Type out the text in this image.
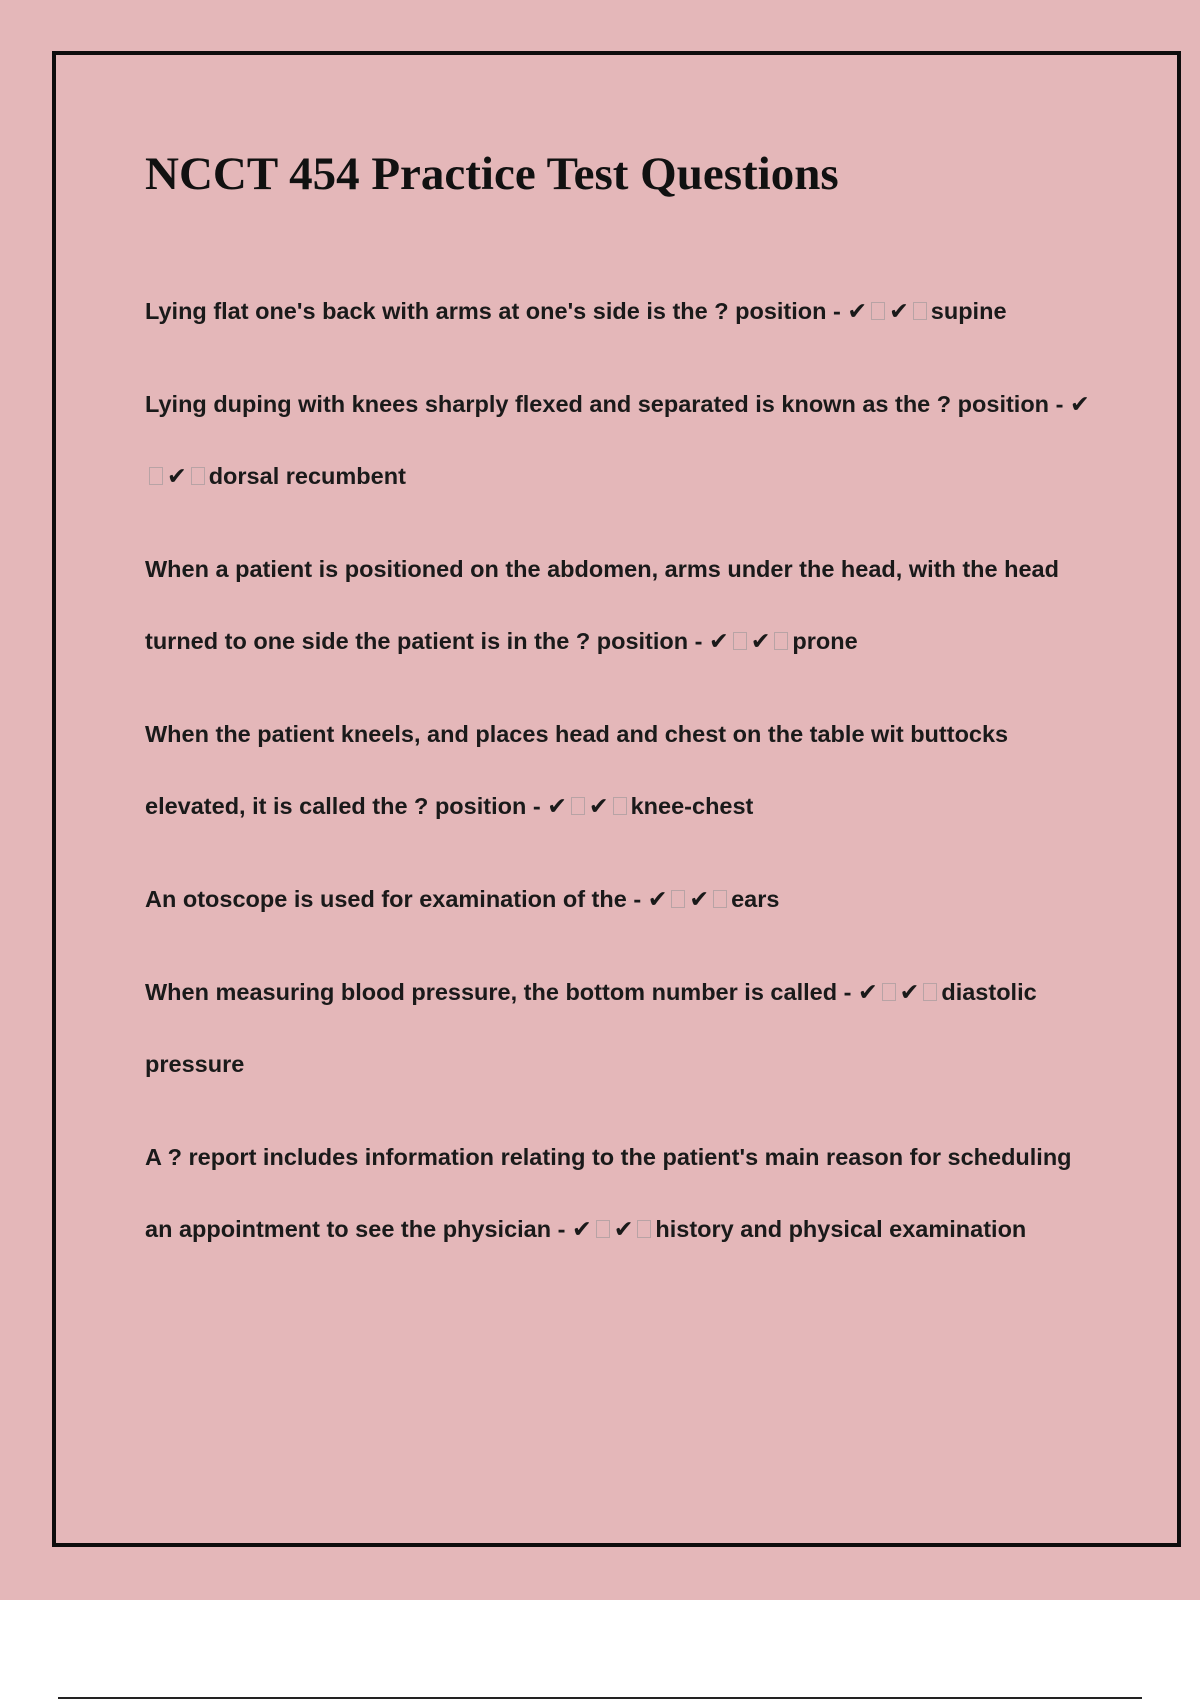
NCCT 454 Practice Test Questions

Lying flat one's back with arms at one's side is the ? position - ✔ ✔ supine

Lying duping with knees sharply flexed and separated is known as the ? position - ✔✔ dorsal recumbent

When a patient is positioned on the abdomen, arms under the head, with the head turned to one side the patient is in the ? position - ✔ ✔ prone

When the patient kneels, and places head and chest on the table wit buttocks elevated, it is called the ? position - ✔ ✔ knee-chest

An otoscope is used for examination of the - ✔ ✔ ears

When measuring blood pressure, the bottom number is called - ✔ ✔ diastolic pressure

A ? report includes information relating to the patient's main reason for scheduling an appointment to see the physician - ✔ ✔ history and physical examination
